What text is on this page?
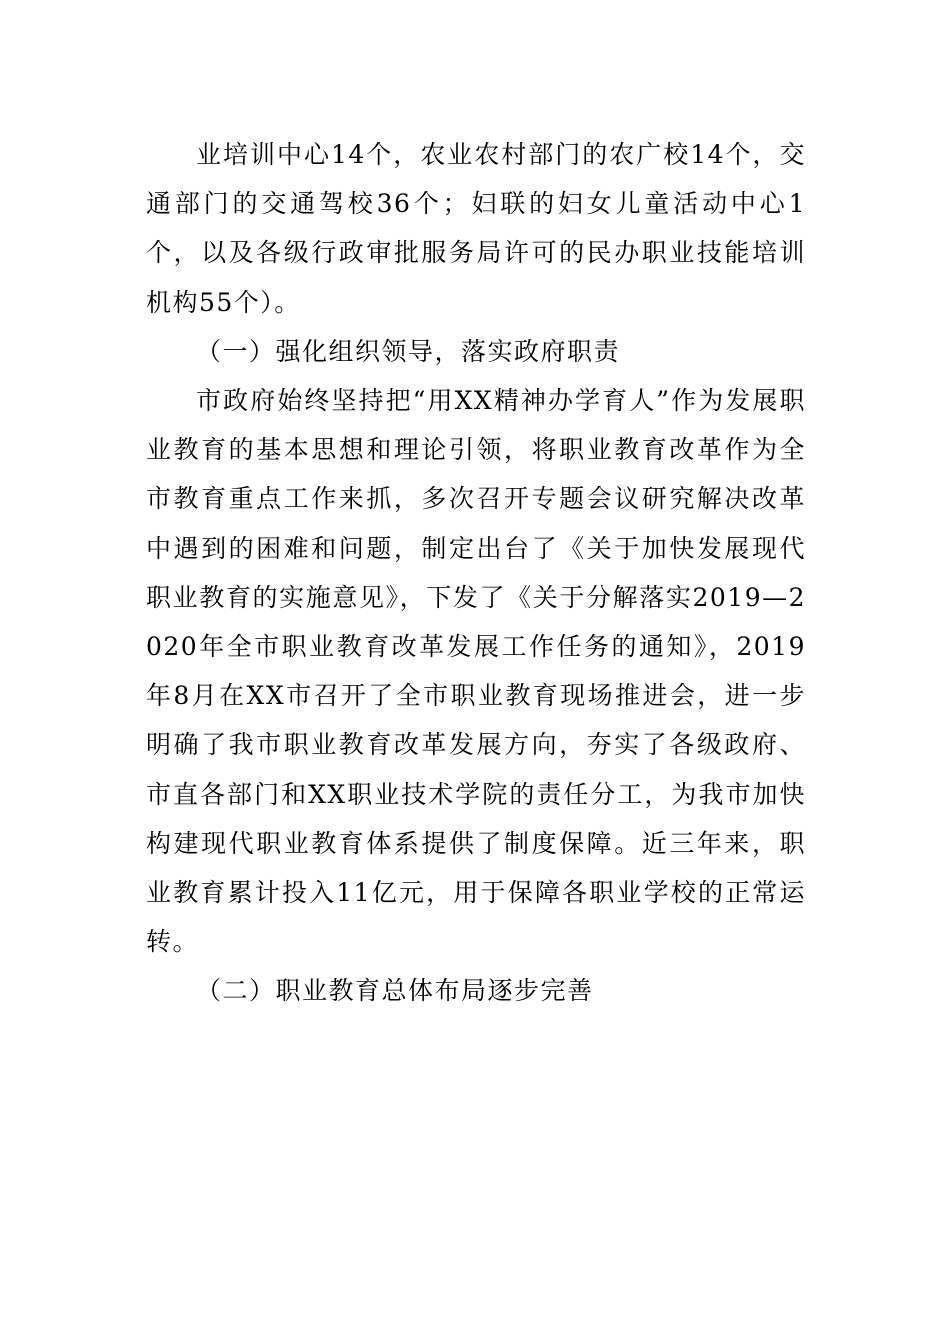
业培训中心14个，农业农村部门的农广校14个，交通部门的交通驾校36个；妇联的妇女儿童活动中心1个，以及各级行政审批服务局许可的民办职业技能培训机构55个）。

（一）强化组织领导，落实政府职责

市政府始终坚持把“用XX精神办学育人”作为发展职业教育的基本思想和理论引领，将职业教育改革作为全市教育重点工作来抓，多次召开专题会议研究解决改革中遇到的困难和问题，制定出台了《关于加快发展现代职业教育的实施意见》，下发了《关于分解落实2019—2020年全市职业教育改革发展工作任务的通知》，2019年8月在XX市召开了全市职业教育现场推进会，进一步明确了我市职业教育改革发展方向，夯实了各级政府、市直各部门和XX职业技术学院的责任分工，为我市加快构建现代职业教育体系提供了制度保障。近三年来，职业教育累计投入11亿元，用于保障各职业学校的正常运转。

（二）职业教育总体布局逐步完善
